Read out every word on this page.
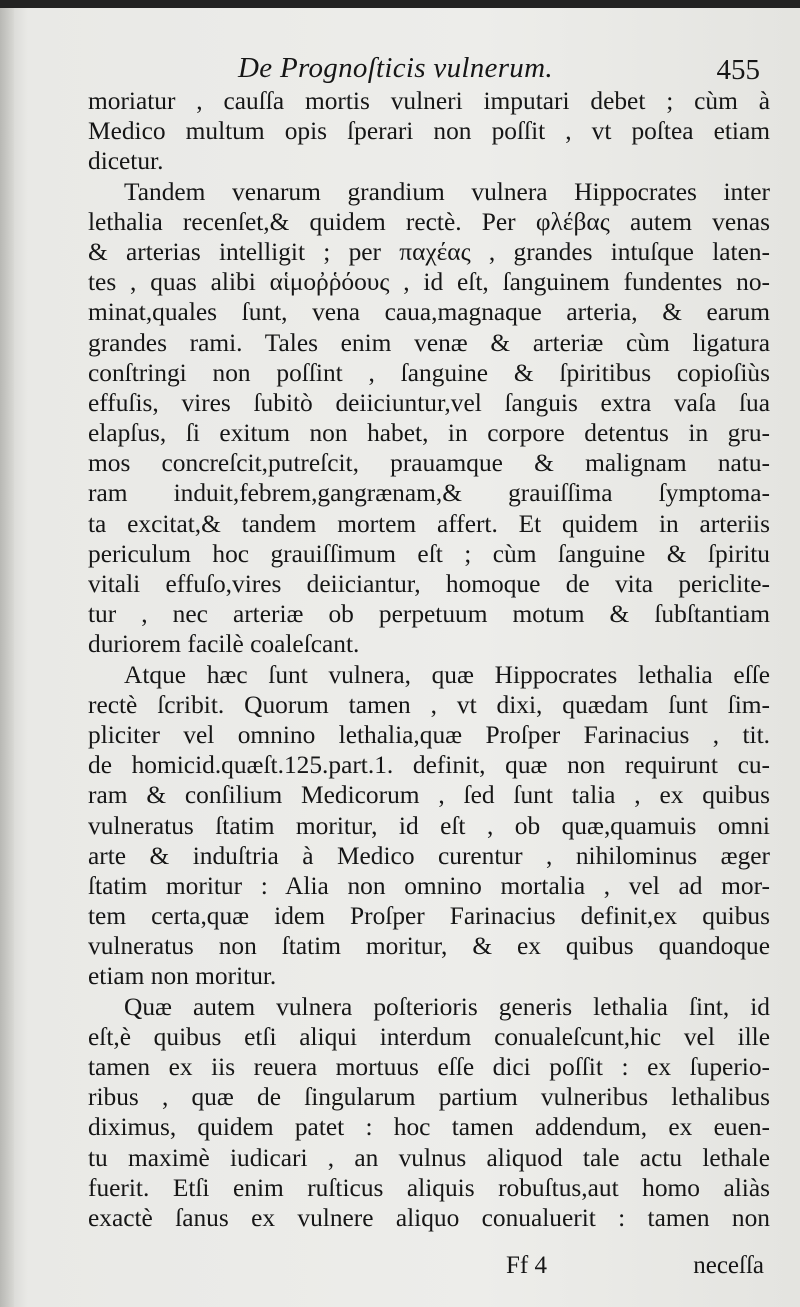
De Prognoſticis vulnerum.	455
moriatur , cauſſa mortis vulneri imputari debet ; cùm à
Medico multum opis ſperari non poſſit , vt poſtea etiam
dicetur.
Tandem venarum grandium vulnera Hippocrates inter
lethalia recenſet,& quidem rectè. Per φλέβας autem venas
& arterias intelligit ; per παχέας , grandes intuſque laten-
tes , quas alibi αἱμοῤῥόους , id eſt, ſanguinem fundentes no-
minat,quales ſunt, vena caua,magnaque arteria, & earum
grandes rami. Tales enim venæ & arteriæ cùm ligatura
conſtringi non poſſint , ſanguine & ſpiritibus copioſiùs
effuſis, vires ſubitò deiiciuntur,vel ſanguis extra vaſa ſua
elapſus, ſi exitum non habet, in corpore detentus in gru-
mos concreſcit,putreſcit, prauamque & malignam natu-
ram induit,febrem,gangrænam,& grauiſſima ſymptoma-
ta excitat,& tandem mortem affert. Et quidem in arteriis
periculum hoc grauiſſimum eſt ; cùm ſanguine & ſpiritu
vitali effuſo,vires deiiciantur, homoque de vita periclite-
tur , nec arteriæ ob perpetuum motum & ſubſtantiam
duriorem facilè coaleſcant.
Atque hæc ſunt vulnera, quæ Hippocrates lethalia eſſe
rectè ſcribit. Quorum tamen , vt dixi, quædam ſunt ſim-
pliciter vel omnino lethalia,quæ Proſper Farinacius , tit.
de homicid.quæſt.125.part.1. definit, quæ non requirunt cu-
ram & conſilium Medicorum , ſed ſunt talia , ex quibus
vulneratus ſtatim moritur, id eſt , ob quæ,quamuis omni
arte & induſtria à Medico curentur , nihilominus æger
ſtatim moritur : Alia non omnino mortalia , vel ad mor-
tem certa,quæ idem Proſper Farinacius definit,ex quibus
vulneratus non ſtatim moritur, & ex quibus quandoque
etiam non moritur.
Quæ autem vulnera poſterioris generis lethalia ſint, id
eſt,è quibus etſi aliqui interdum conualeſcunt,hic vel ille
tamen ex iis reuera mortuus eſſe dici poſſit : ex ſuperio-
ribus , quæ de ſingularum partium vulneribus lethalibus
diximus, quidem patet : hoc tamen addendum, ex euen-
tu maximè iudicari , an vulnus aliquod tale actu lethale
fuerit. Etſi enim ruſticus aliquis robuſtus,aut homo aliàs
exactè ſanus ex vulnere aliquo conualuerit : tamen non
Ff 4	neceſſa
